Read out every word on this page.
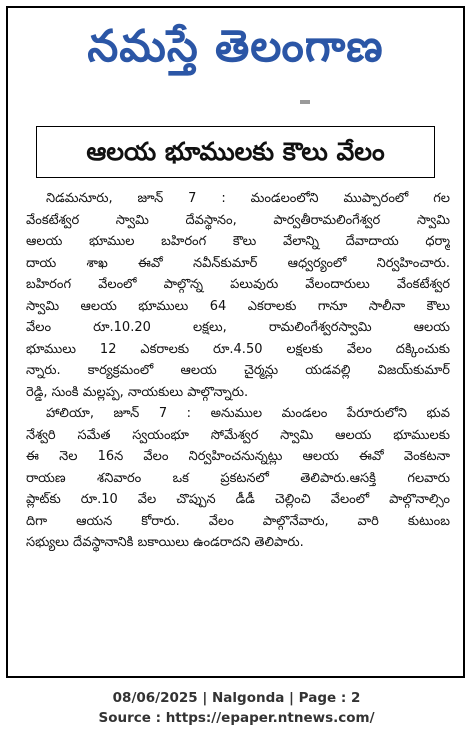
నమస్తే తెలంగాణ
ఆలయ భూములకు కౌలు వేలం
నిడమనూరు, జూన్ 7 : మండలంలోని ముప్పారంలో గల
వేంకటేశ్వర స్వామి దేవస్థానం, పార్వతీరామలింగేశ్వర స్వామి
ఆలయ భూముల బహిరంగ కౌలు వేలాన్ని దేవాదాయ ధర్మా
దాయ శాఖ ఈవో నవీన్‌కుమార్ ఆధ్వర్యంలో నిర్వహించారు.
బహిరంగ వేలంలో పాల్గొన్న పలువురు వేలందారులు వేంకటేశ్వర
స్వామి ఆలయ భూములు 64 ఎకరాలకు గానూ సాలీనా కౌలు
వేలం రూ.10.20 లక్షలు, రామలింగేశ్వరస్వామి ఆలయ
భూములు 12 ఎకరాలకు రూ.4.50 లక్షలకు వేలం దక్కించుకు
న్నారు. కార్యక్రమంలో ఆలయ చైర్మన్లు యడవల్లి విజయ్‌కుమార్
రెడ్డి, సుంకి మల్లప్ప, నాయకులు పాల్గొన్నారు.
హాలియా, జూన్ 7 : అనుముల మండలం పేరూరులోని భువ
నేశ్వరి సమేత స్వయంభూ సోమేశ్వర స్వామి ఆలయ భూములకు
ఈ నెల 16న వేలం నిర్వహించనున్నట్లు ఆలయ ఈవో వెంకటనా
రాయణ శనివారం ఒక ప్రకటనలో తెలిపారు.ఆసక్తి గలవారు
ప్లాట్‌కు రూ.10 వేల చొప్పున డీడీ చెల్లించి వేలంలో పాల్గొనాల్సిం
దిగా ఆయన కోరారు. వేలం పాల్గొనేవారు, వారి కుటుంబ
సభ్యులు దేవస్థానానికి బకాయిలు ఉండరాదని తెలిపారు.
08/06/2025 | Nalgonda | Page : 2
Source : https://epaper.ntnews.com/
